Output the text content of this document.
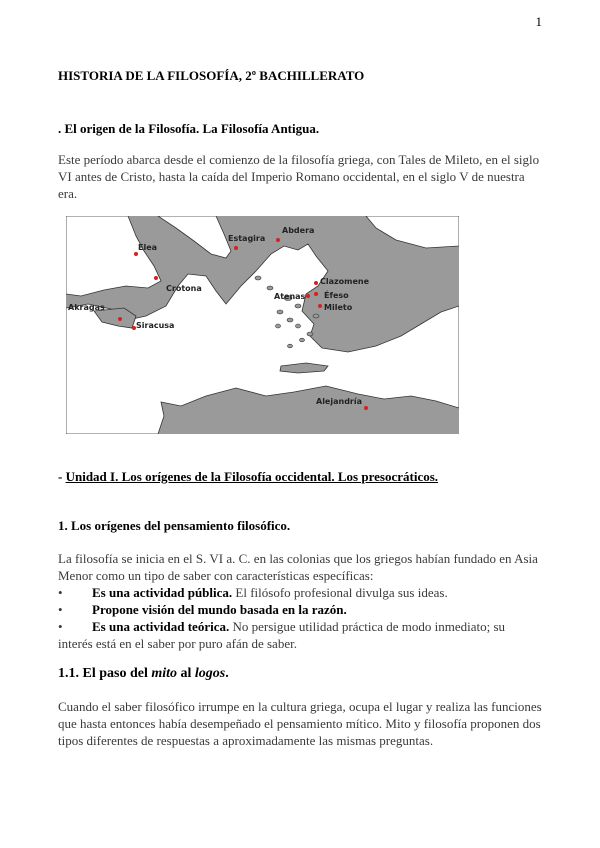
1
HISTORIA DE LA FILOSOFÍA, 2º BACHILLERATO
. El origen de la Filosofía. La Filosofía Antigua.
Este período abarca desde el comienzo de la filosofía griega, con Tales de Mileto, en el siglo VI antes de Cristo, hasta la caída del Imperio Romano occidental, en el siglo V de nuestra era.
Elea
Crotona
Akragas
Siracusa
Estagira
Abdera
Clazomene
Atenas Éfeso
Mileto
Alejandría
- Unidad I. Los orígenes de la Filosofía occidental. Los presocráticos.
1. Los orígenes del pensamiento filosófico.
La filosofía se inicia en el S. VI a. C. en las colonias que los griegos habían fundado en Asia Menor como un tipo de saber con características específicas:
• Es una actividad pública. El filósofo profesional divulga sus ideas.
• Propone visión del mundo basada en la razón.
• Es una actividad teórica. No persigue utilidad práctica de modo inmediato; su
interés está en el saber por puro afán de saber.
1.1. El paso del mito al logos.
Cuando el saber filosófico irrumpe en la cultura griega, ocupa el lugar y realiza las funciones que hasta entonces había desempeñado el pensamiento mítico. Mito y filosofía proponen dos tipos diferentes de respuestas a aproximadamente las mismas preguntas.
